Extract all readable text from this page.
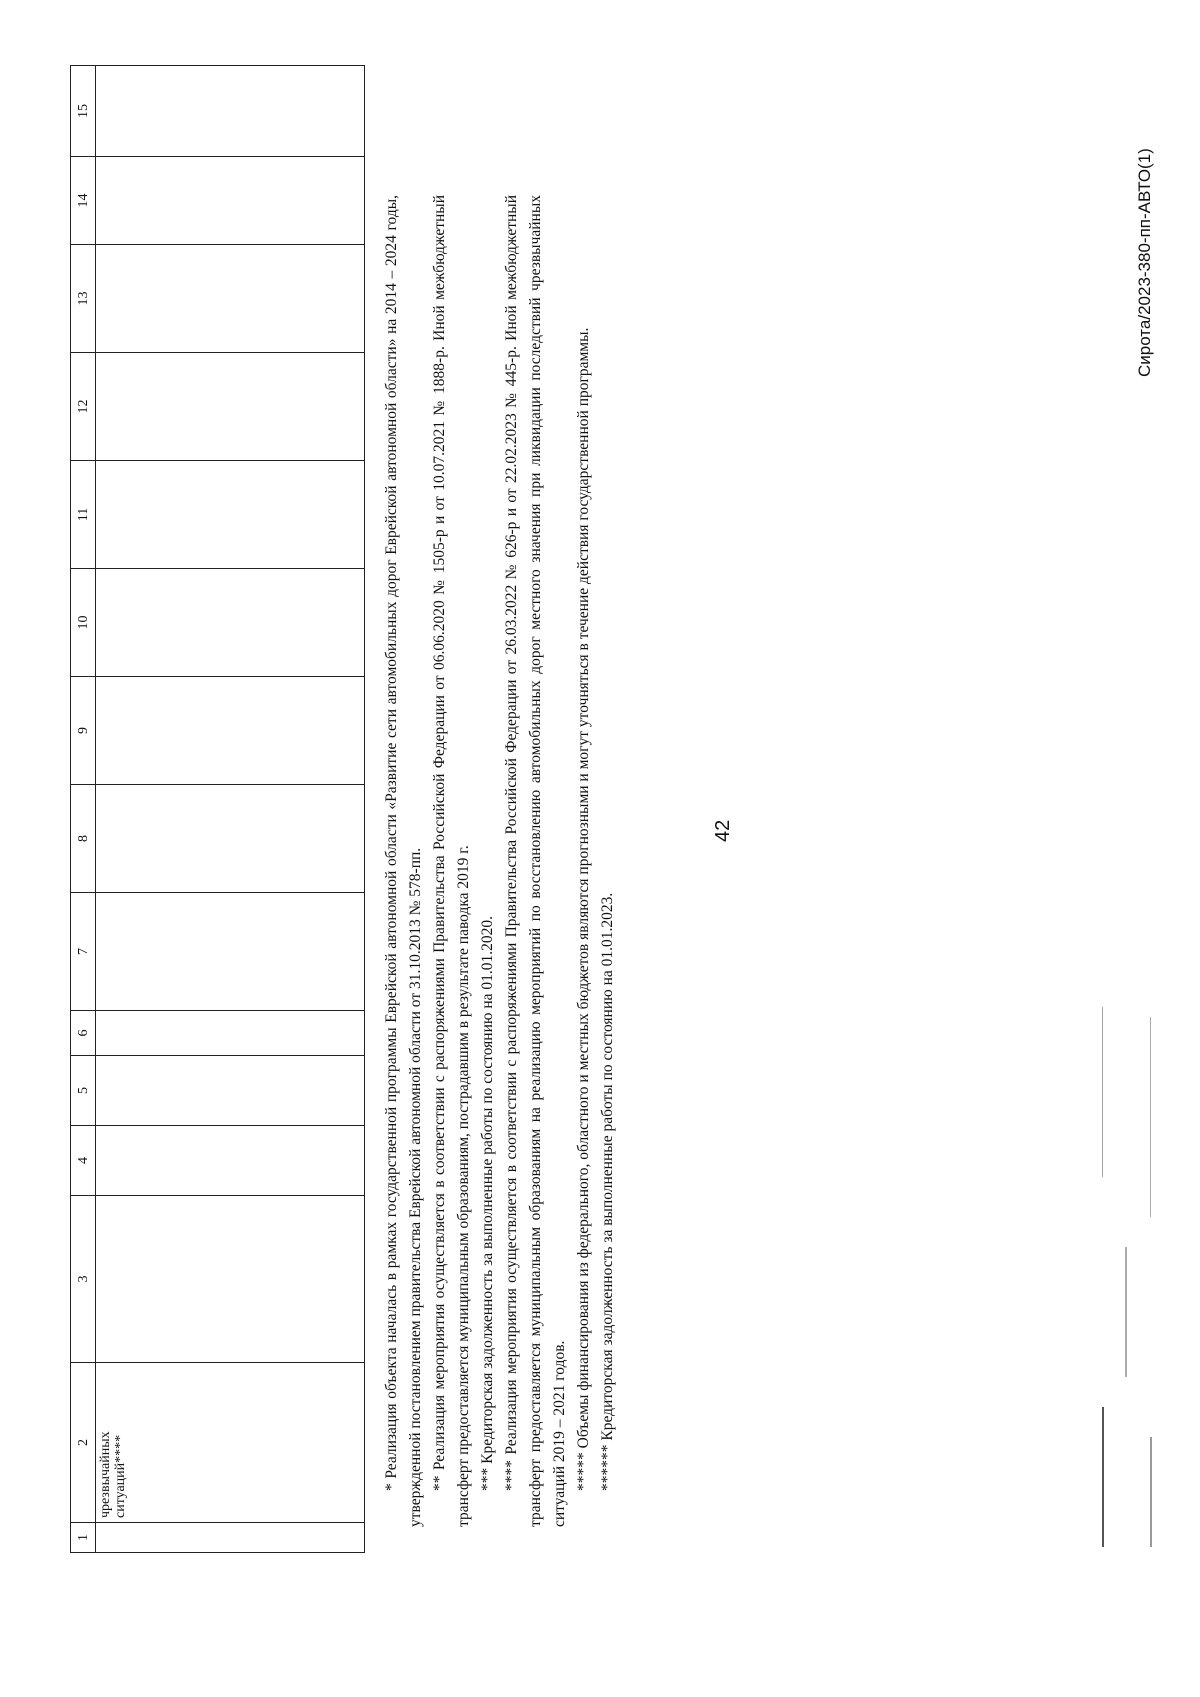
42
1	2	3	4	5	6	7	8	9	10	11	12	13	14	15
	чрезвычайных ситуаций****														* Реализация объекта началась в рамках государственной программы Еврейской автономной области «Развитие сети автомобильных дорог Еврейской автономной области» на 2014 – 2024 годы, утвержденной постановлением правительства Еврейской автономной области от 31.10.2013 № 578-пп. ** Реализация мероприятия осуществляется в соответствии с распоряжениями Правительства Российской Федерации от 06.06.2020 № 1505-р и от 10.07.2021 № 1888-р. Иной межбюджетный трансферт предоставляется муниципальным образованиям, пострадавшим в результате паводка 2019 г. *** Кредиторская задолженность за выполненные работы по состоянию на 01.01.2020. **** Реализация мероприятия осуществляется в соответствии с распоряжениями Правительства Российской Федерации от 26.03.2022 № 626-р и от 22.02.2023 № 445-р. Иной межбюджетный трансферт предоставляется муниципальным образованиям на реализацию мероприятий по восстановлению автомобильных дорог местного значения при ликвидации последствий чрезвычайных ситуаций 2019 – 2021 годов. ***** Объемы финансирования из федерального, областного и местных бюджетов являются прогнозными и могут уточняться в течение действия государственной программы. ****** Кредиторская задолженность за выполненные работы по состоянию на 01.01.2023.

Сирота/2023-380-пп-АВТО(1)
